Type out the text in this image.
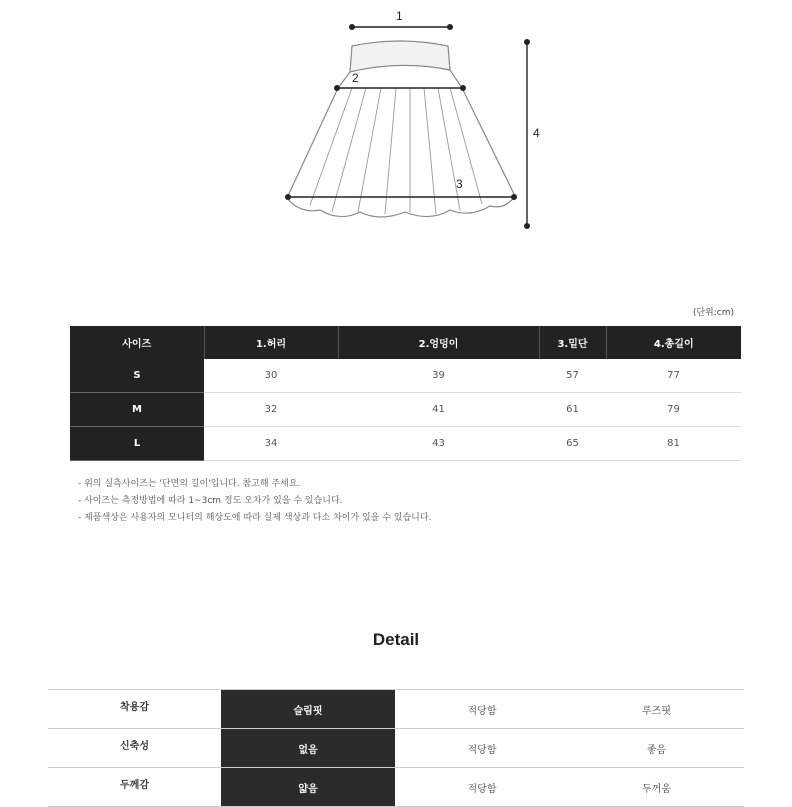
1
2
3
4
(단위:cm)
사이즈	1.허리	2.엉덩이	3.밑단	4.총길이
S	30	39	57	77
M	32	41	61	79
L	34	43	65	81
- 위의 실측사이즈는 '단면의 길이'입니다. 참고해 주세요.
- 사이즈는 측정방법에 따라 1~3cm 정도 오차가 있을 수 있습니다.
- 제품색상은 사용자의 모니터의 해상도에 따라 실제 색상과 다소 차이가 있을 수 있습니다.
Detail
착용감	슬림핏	적당함	루즈핏
신축성	없음	적당함	좋음
두께감	얇음	적당함	두꺼움
